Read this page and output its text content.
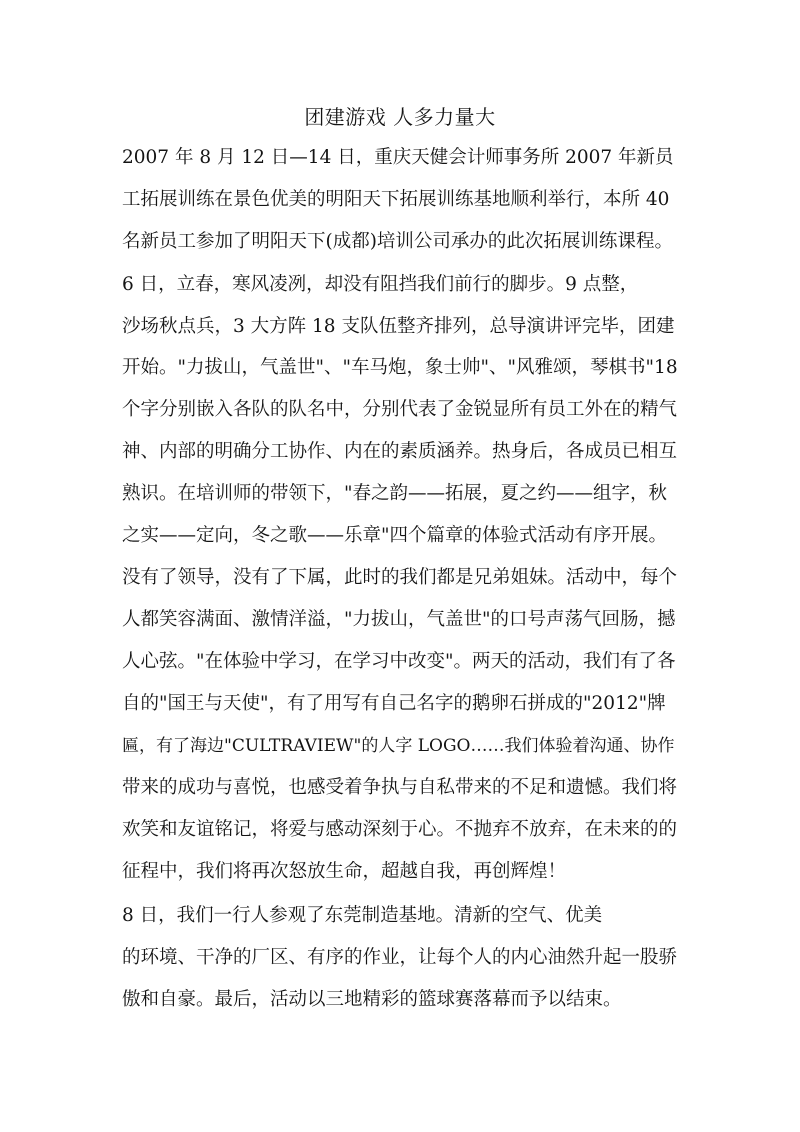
团建游戏 人多力量大
2007 年 8 月 12 日—14 日，重庆天健会计师事务所 2007 年新员
工拓展训练在景色优美的明阳天下拓展训练基地顺利举行，本所 40
名新员工参加了明阳天下(成都)培训公司承办的此次拓展训练课程。
6 日，立春，寒风凌冽，却没有阻挡我们前行的脚步。9 点整，
沙场秋点兵，3 大方阵 18 支队伍整齐排列，总导演讲评完毕，团建
开始。"力拔山，气盖世"、"车马炮，象士帅"、"风雅颂，琴棋书"18
个字分别嵌入各队的队名中，分别代表了金锐显所有员工外在的精气
神、内部的明确分工协作、内在的素质涵养。热身后，各成员已相互
熟识。在培训师的带领下，"春之韵——拓展，夏之约——组字，秋
之实——定向，冬之歌——乐章"四个篇章的体验式活动有序开展。
没有了领导，没有了下属，此时的我们都是兄弟姐妹。活动中，每个
人都笑容满面、激情洋溢，"力拔山，气盖世"的口号声荡气回肠，撼
人心弦。"在体验中学习，在学习中改变"。两天的活动，我们有了各
自的"国王与天使"，有了用写有自己名字的鹅卵石拼成的"2012"牌
匾，有了海边"CULTRAVIEW"的人字 LOGO……我们体验着沟通、协作
带来的成功与喜悦，也感受着争执与自私带来的不足和遗憾。我们将
欢笑和友谊铭记，将爱与感动深刻于心。不抛弃不放弃，在未来的的
征程中，我们将再次怒放生命，超越自我，再创辉煌！
8 日，我们一行人参观了东莞制造基地。清新的空气、优美
的环境、干净的厂区、有序的作业，让每个人的内心油然升起一股骄
傲和自豪。最后，活动以三地精彩的篮球赛落幕而予以结束。
